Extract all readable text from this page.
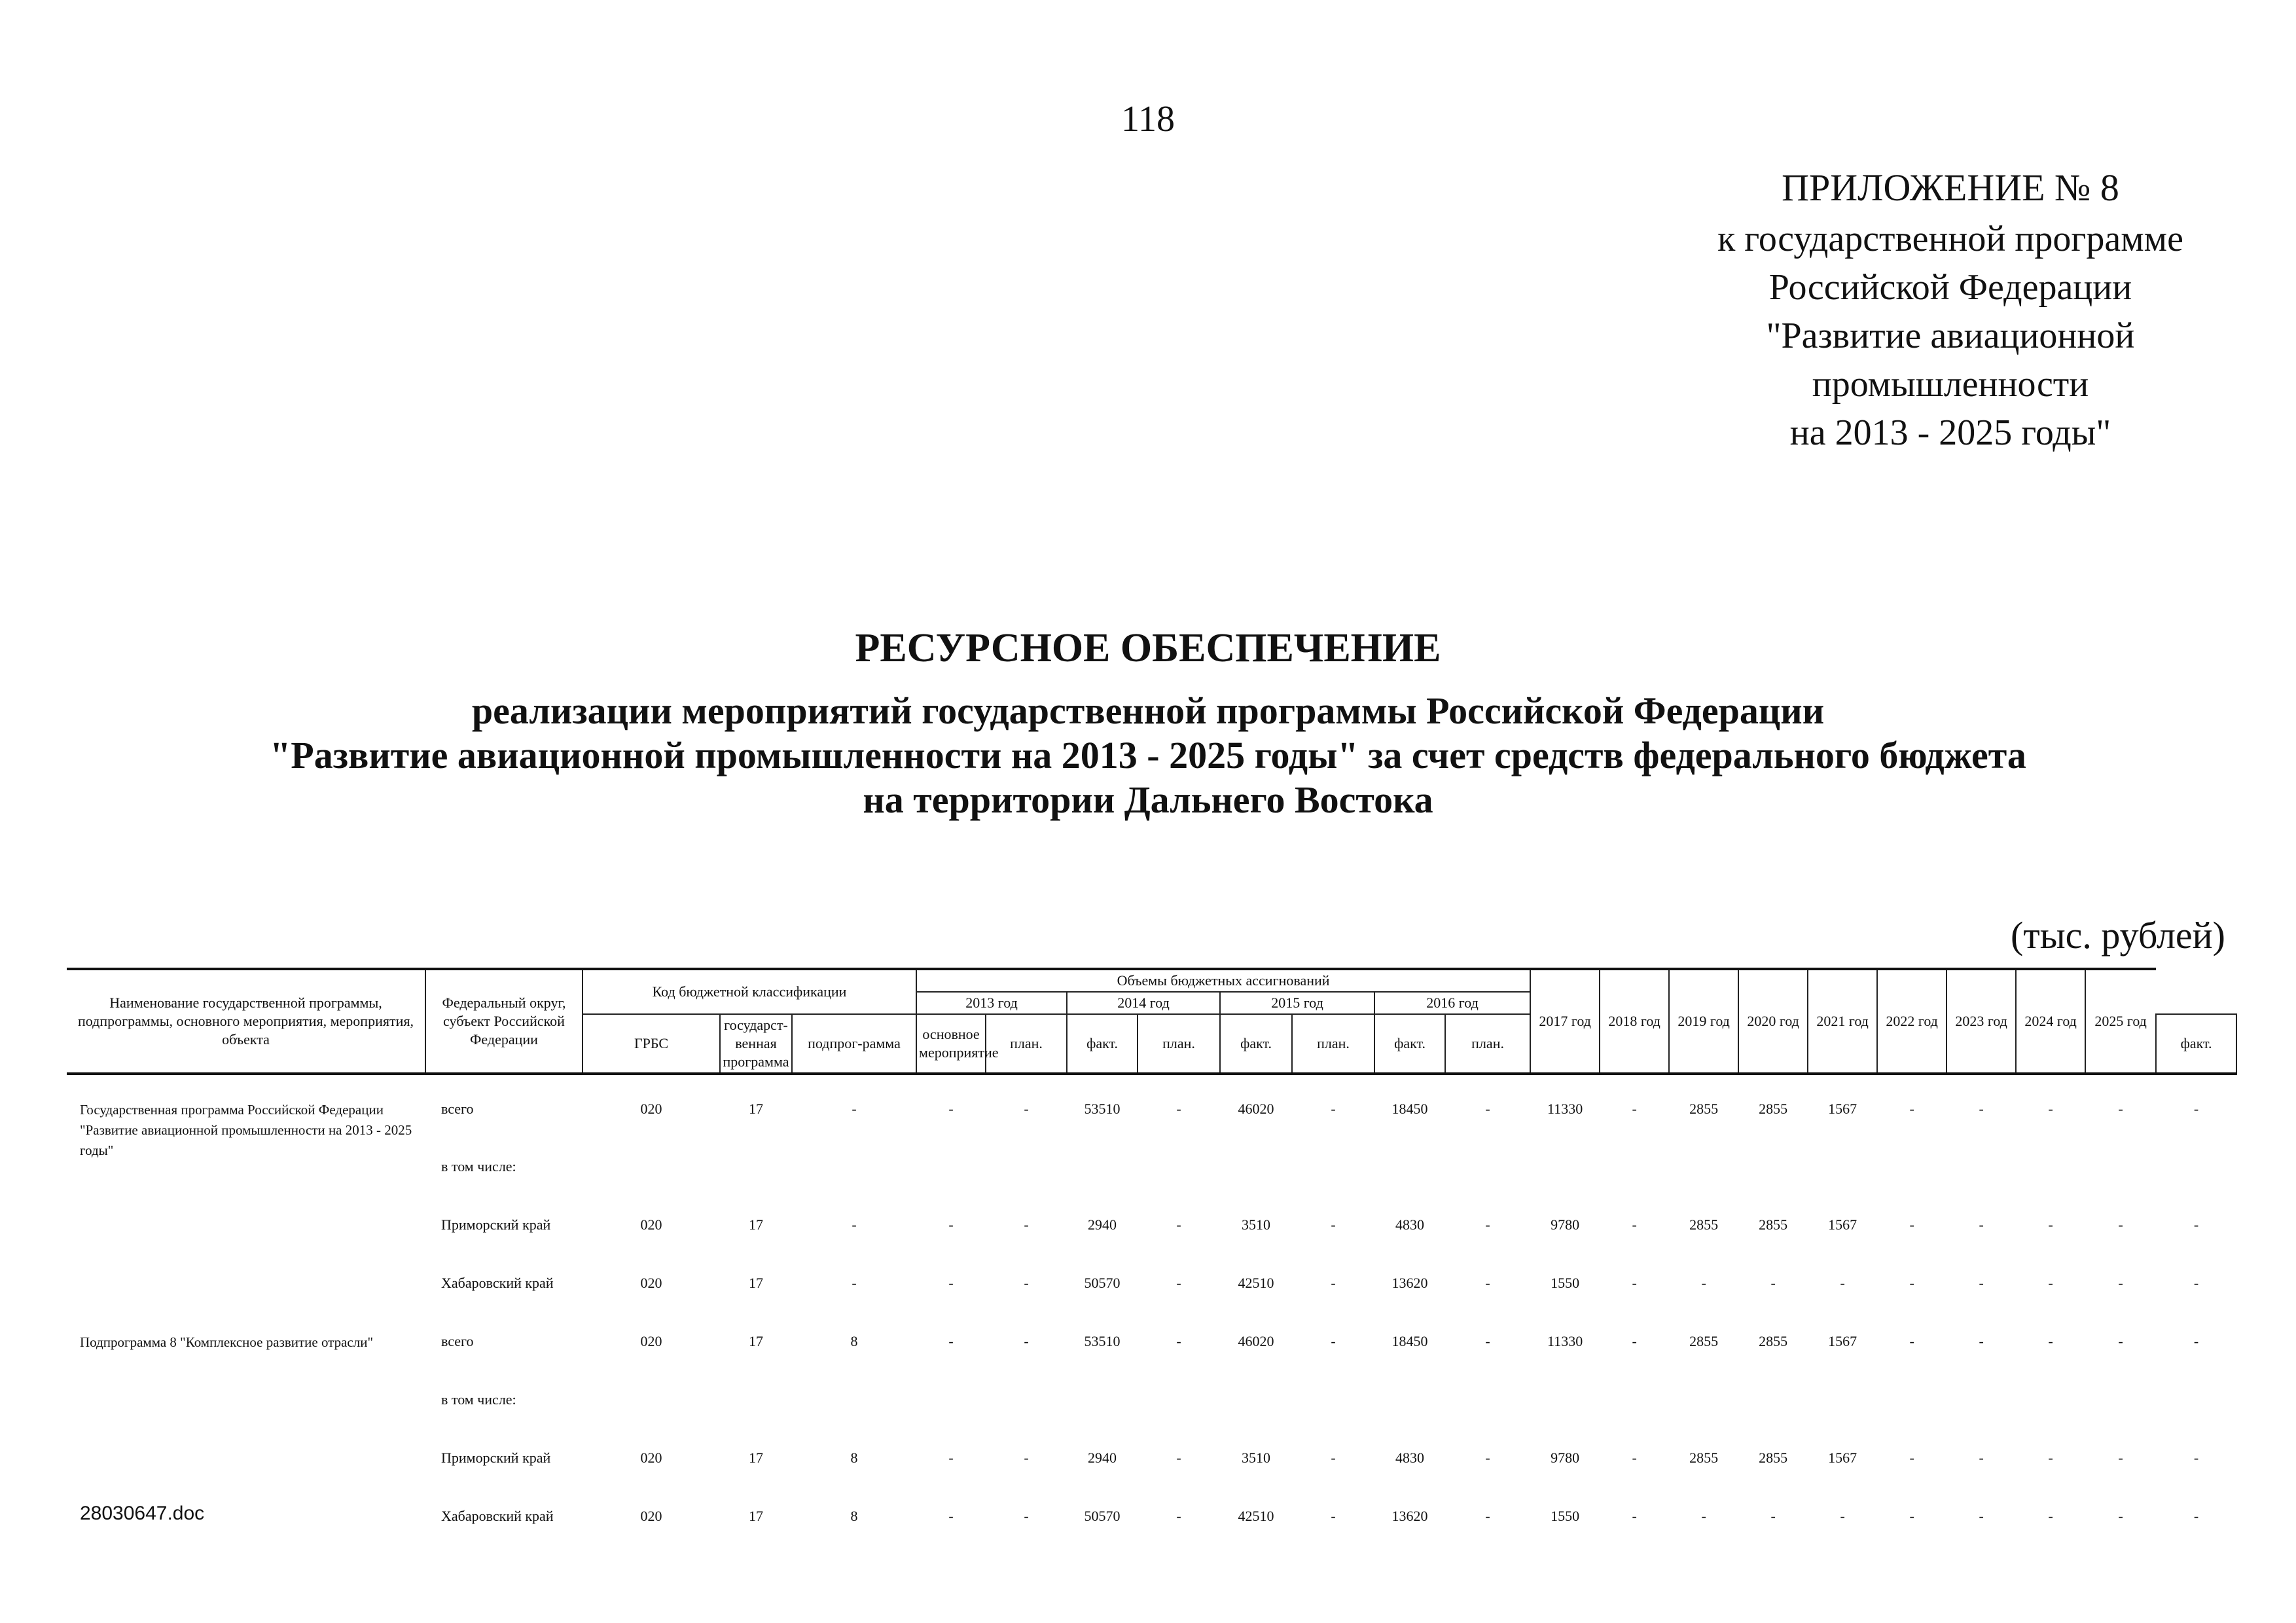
118
ПРИЛОЖЕНИЕ № 8
к государственной программе
Российской Федерации
"Развитие авиационной
промышленности
на 2013 - 2025 годы"
РЕСУРСНОЕ ОБЕСПЕЧЕНИЕ
реализации мероприятий государственной программы Российской Федерации
"Развитие авиационной промышленности на 2013 - 2025 годы" за счет средств федерального бюджета
на территории Дальнего Востока
(тыс. рублей)
Наименование государственной программы, подпрограммы, основного мероприятия, мероприятия, объекта	Федеральный округ, субъект Российской Федерации	Код бюджетной классификации			Объемы бюджетных ассигнований								2017 год	2018 год	2019 год	2020 год	2021 год	2022 год	2023 год	2024 год	2025 год	
					2013 год		2014 год		2015 год		2016 год											
		ГРБС	государст-венная программа	подпрог-рамма	основное мероприятие	план.	факт.	план.	факт.	план.	факт.	план.										факт.
Государственная программа Российской Федерации "Развитие авиационной промышленности на 2013 - 2025 годы"	всего	020	17	-	-	-	53510	-	46020	-	18450	-	11330	-	2855	2855	1567	-	-	-	-	-
	в том числе:																					
	Приморский край	020	17	-	-	-	2940	-	3510	-	4830	-	9780	-	2855	2855	1567	-	-	-	-	-
	Хабаровский край	020	17	-	-	-	50570	-	42510	-	13620	-	1550	-	-	-	-	-	-	-	-	-
Подпрограмма 8 "Комплексное развитие отрасли"	всего	020	17	8	-	-	53510	-	46020	-	18450	-	11330	-	2855	2855	1567	-	-	-	-	-
	в том числе:																					
	Приморский край	020	17	8	-	-	2940	-	3510	-	4830	-	9780	-	2855	2855	1567	-	-	-	-	-
	Хабаровский край	020	17	8	-	-	50570	-	42510	-	13620	-	1550	-	-	-	-	-	-	-	-	-
28030647.doc
